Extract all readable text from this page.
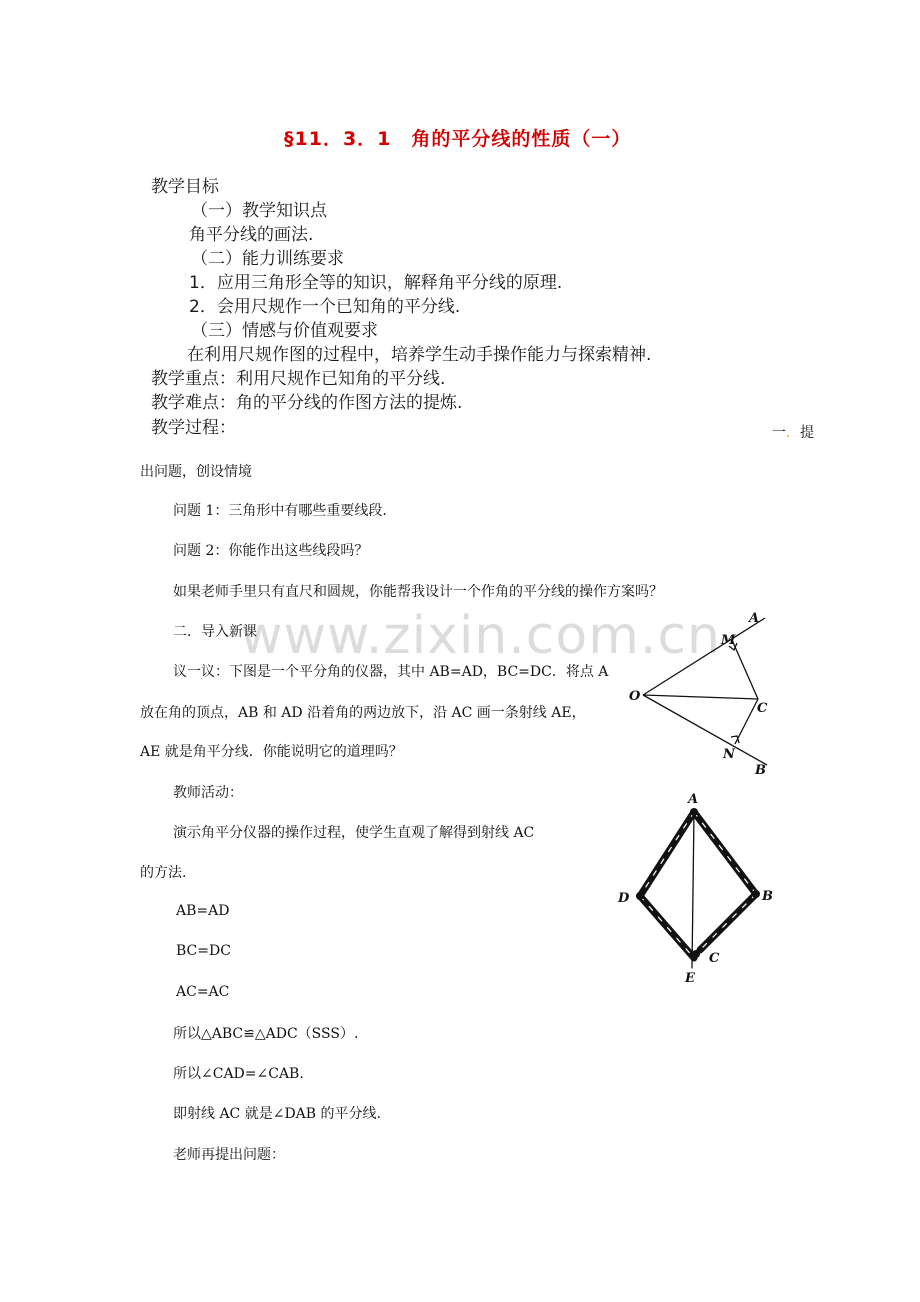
§11．3．1　角的平分线的性质（一）
教学目标
（一）教学知识点
角平分线的画法.
（二）能力训练要求
1．应用三角形全等的知识，解释角平分线的原理.
2．会用尺规作一个已知角的平分线.
（三）情感与价值观要求
在利用尺规作图的过程中，培养学生动手操作能力与探索精神.
教学重点：利用尺规作已知角的平分线.
教学难点：角的平分线的作图方法的提炼.
教学过程：	一．提
出问题，创设情境
问题 1：三角形中有哪些重要线段.
问题 2：你能作出这些线段吗？
如果老师手里只有直尺和圆规，你能帮我设计一个作角的平分线的操作方案吗？
www.zixin.com.cn
二．导入新课
议一议：下图是一个平分角的仪器，其中 AB=AD，BC=DC．将点 A
放在角的顶点，AB 和 AD 沿着角的两边放下，沿 AC 画一条射线 AE，
AE 就是角平分线．你能说明它的道理吗？
教师活动：
演示角平分仪器的操作过程，使学生直观了解得到射线 AC
的方法.
AB=AD
BC=DC
AC=AC
所以△ABC≌△ADC（SSS）.
所以∠CAD=∠CAB.
即射线 AC 就是∠DAB 的平分线.
老师再提出问题：
A
M
O
C
N
B
A
D	B
C
E
